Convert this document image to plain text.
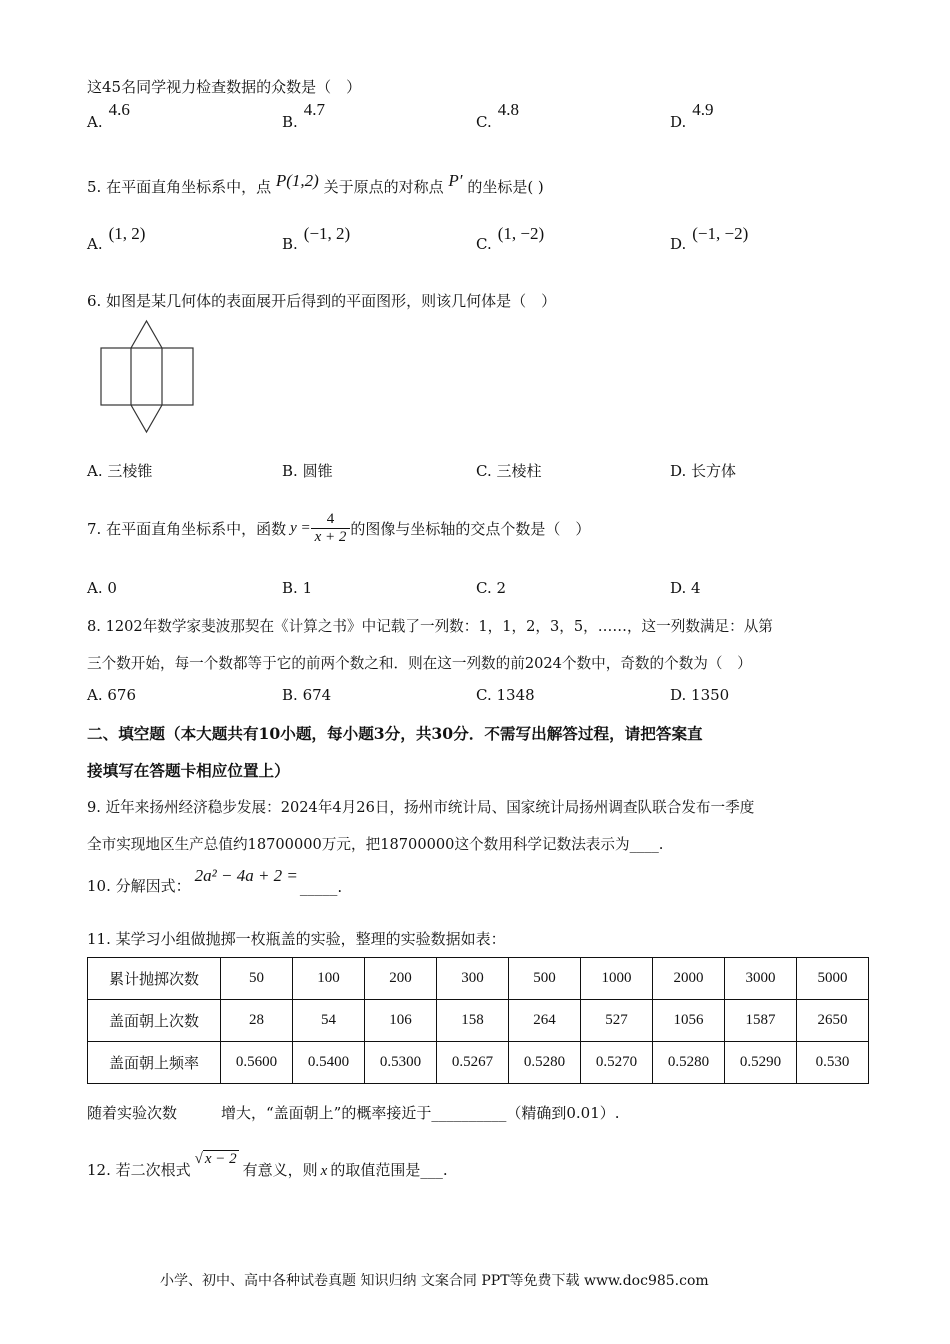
这45名同学视力检查数据的众数是（　）
A.4.6
B.4.7
C.4.8
D.4.9
5. 在平面直角坐标系中，点 P(1,2) 关于原点的对称点 P′ 的坐标是( )
A.(1, 2)
B.(−1, 2)
C.(1, −2)
D.(−1, −2)
6. 如图是某几何体的表面展开后得到的平面图形，则该几何体是（　）
A. 三棱锥	B. 圆锥	C. 三棱柱	D. 长方体
7. 在平面直角坐标系中，函数 $y = \frac{4}{x + 2}$ 的图像与坐标轴的交点个数是（　）
A. 0	B. 1	C. 2	D. 4
8. 1202年数学家斐波那契在《计算之书》中记载了一列数：1，1，2，3，5，……，这一列数满足：从第
三个数开始，每一个数都等于它的前两个数之和．则在这一列数的前2024个数中，奇数的个数为（　）
A. 676	B. 674	C. 1348	D. 1350
二、填空题（本大题共有10小题，每小题3分，共30分．不需写出解答过程，请把答案直
接填写在答题卡相应位置上）
9. 近年来扬州经济稳步发展：2024年4月26日，扬州市统计局、国家统计局扬州调查队联合发布一季度
全市实现地区生产总值约18700000万元，把18700000这个数用科学记数法表示为____.
10. 分解因式：
2a² − 4a + 2 =
_____.
11. 某学习小组做抛掷一枚瓶盖的实验，整理的实验数据如表：
累计抛掷次数	50	100	200	300	500	1000	2000	3000	5000
盖面朝上次数	28	54	106	158	264	527	1056	1587	2650
盖面朝上频率	0.5600	0.5400	0.5300	0.5267	0.5280	0.5270	0.5280	0.5290	0.530
随着实验次数	增大，“盖面朝上”的概率接近于__________（精确到0.01）.
12. 若二次根式
√ x − 2
有意义，则 x 的取值范围是___.
小学、初中、高中各种试卷真题 知识归纳 文案合同 PPT等免费下载 www.doc985.com
